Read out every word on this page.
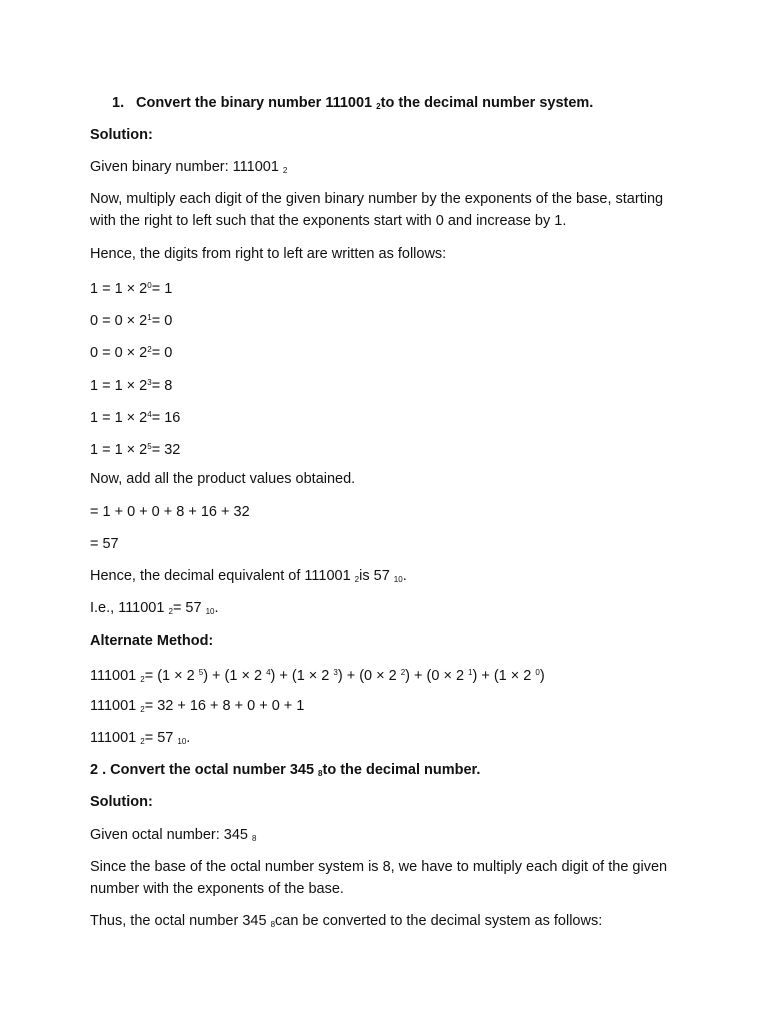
1. Convert the binary number 111001 $_2$to the decimal number system.
Solution:
Given binary number: 111001 $_2$
Now, multiply each digit of the given binary number by the exponents of the base, starting with the right to left such that the exponents start with 0 and increase by 1.
Hence, the digits from right to left are written as follows:
$1 = 1 \times 2^0= 1$
$0 = 0 \times 2^1= 0$
$0 = 0 \times 2^2= 0$
$1 = 1 \times 2^3= 8$
$1 = 1 \times 2^4= 16$
$1 = 1 \times 2^5= 32$
Now, add all the product values obtained.
= 1 + 0 + 0 + 8 + 16 + 32
= 57
Hence, the decimal equivalent of 111001 $_2$is 57 $_{10}$.
I.e., 111001 $_2$= 57 $_{10}$.
Alternate Method:
111001 $_2$= (1 × 2 $^5$) + (1 × 2 $^4$) + (1 × 2 $^3$) + (0 × 2 $^2$) + (0 × 2 $^1$) + (1 × 2 $^0$)
111001 $_2$= 32 + 16 + 8 + 0 + 0 + 1
111001 $_2$= 57 $_{10}$.
2 . Convert the octal number 345 $_8$to the decimal number.
Solution:
Given octal number: 345 $_8$
Since the base of the octal number system is 8, we have to multiply each digit of the given number with the exponents of the base.
Thus, the octal number 345 $_8$can be converted to the decimal system as follows:
